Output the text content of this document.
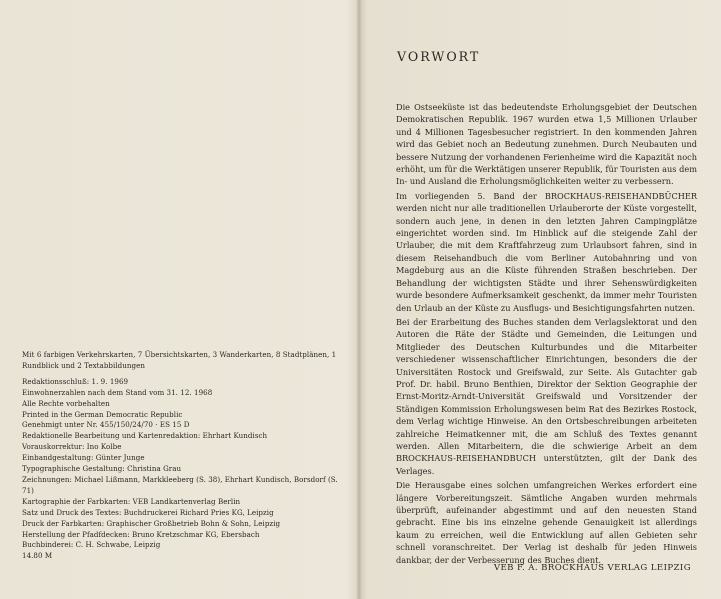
Mit 6 farbigen Verkehrskarten, 7 Übersichtskarten, 3 Wanderkarten, 8 Stadtplänen, 1 Rundblick und 2 Textabbildungen

Redaktionsschluß: 1. 9. 1969

Einwohnerzahlen nach dem Stand vom 31. 12. 1968

Alle Rechte vorbehalten

Printed in the German Democratic Republic

Genehmigt unter Nr. 455/150/24/70 · ES 15 D

Redaktionelle Bearbeitung und Kartenredaktion: Ehrhart Kundisch

Vorauskorrektur: Ino Kolbe

Einbandgestaltung: Günter Junge

Typographische Gestaltung: Christina Grau

Zeichnungen: Michael Lißmann, Markkleeberg (S. 38), Ehrhart Kundisch, Borsdorf (S. 71)

Kartographie der Farbkarten: VEB Landkartenverlag Berlin

Satz und Druck des Textes: Buchdruckerei Richard Pries KG, Leipzig

Druck der Farbkarten: Graphischer Großbetrieb Bohn & Sohn, Leipzig

Herstellung der Pfadfdecken: Bruno Kretzschmar KG, Ebersbach

Buchbinderei: C. H. Schwabe, Leipzig

14.80 M

VORWORT

Die Ostseeküste ist das bedeutendste Erholungsgebiet der Deutschen Demokratischen Republik. 1967 wurden etwa 1,5 Millionen Urlauber und 4 Millionen Tagesbesucher registriert. In den kommenden Jahren wird das Gebiet noch an Bedeutung zunehmen. Durch Neubauten und bessere Nutzung der vorhandenen Ferienheime wird die Kapazität noch erhöht, um für die Werktätigen unserer Republik, für Touristen aus dem In- und Ausland die Erholungsmöglichkeiten weiter zu verbessern.

Im vorliegenden 5. Band der BROCKHAUS-REISEHANDBÜCHER werden nicht nur alle traditionellen Urlauberorte der Küste vorgestellt, sondern auch jene, in denen in den letzten Jahren Campingplätze eingerichtet worden sind. Im Hinblick auf die steigende Zahl der Urlauber, die mit dem Kraftfahrzeug zum Urlaubsort fahren, sind in diesem Reisehandbuch die vom Berliner Autobahnring und von Magdeburg aus an die Küste führenden Straßen beschrieben. Der Behandlung der wichtigsten Städte und ihrer Sehenswürdigkeiten wurde besondere Aufmerksamkeit geschenkt, da immer mehr Touristen den Urlaub an der Küste zu Ausflugs- und Besichtigungsfahrten nutzen.

Bei der Erarbeitung des Buches standen dem Verlagslektorat und den Autoren die Räte der Städte und Gemeinden, die Leitungen und Mitglieder des Deutschen Kulturbundes und die Mitarbeiter verschiedener wissenschaftlicher Einrichtungen, besonders die der Universitäten Rostock und Greifswald, zur Seite. Als Gutachter gab Prof. Dr. habil. Bruno Benthien, Direktor der Sektion Geographie der Ernst-Moritz-Arndt-Universität Greifswald und Vorsitzender der Ständigen Kommission Erholungswesen beim Rat des Bezirkes Rostock, dem Verlag wichtige Hinweise. An den Ortsbeschreibungen arbeiteten zahlreiche Heimatkenner mit, die am Schluß des Textes genannt werden. Allen Mitarbeitern, die die schwierige Arbeit an dem BROCKHAUS-REISEHANDBUCH unterstützten, gilt der Dank des Verlages.

Die Herausgabe eines solchen umfangreichen Werkes erfordert eine längere Vorbereitungszeit. Sämtliche Angaben wurden mehrmals überprüft, aufeinander abgestimmt und auf den neuesten Stand gebracht. Eine bis ins einzelne gehende Genauigkeit ist allerdings kaum zu erreichen, weil die Entwicklung auf allen Gebieten sehr schnell voranschreitet. Der Verlag ist deshalb für jeden Hinweis dankbar, der der Verbesserung des Buches dient.

VEB F. A. BROCKHAUS VERLAG LEIPZIG
